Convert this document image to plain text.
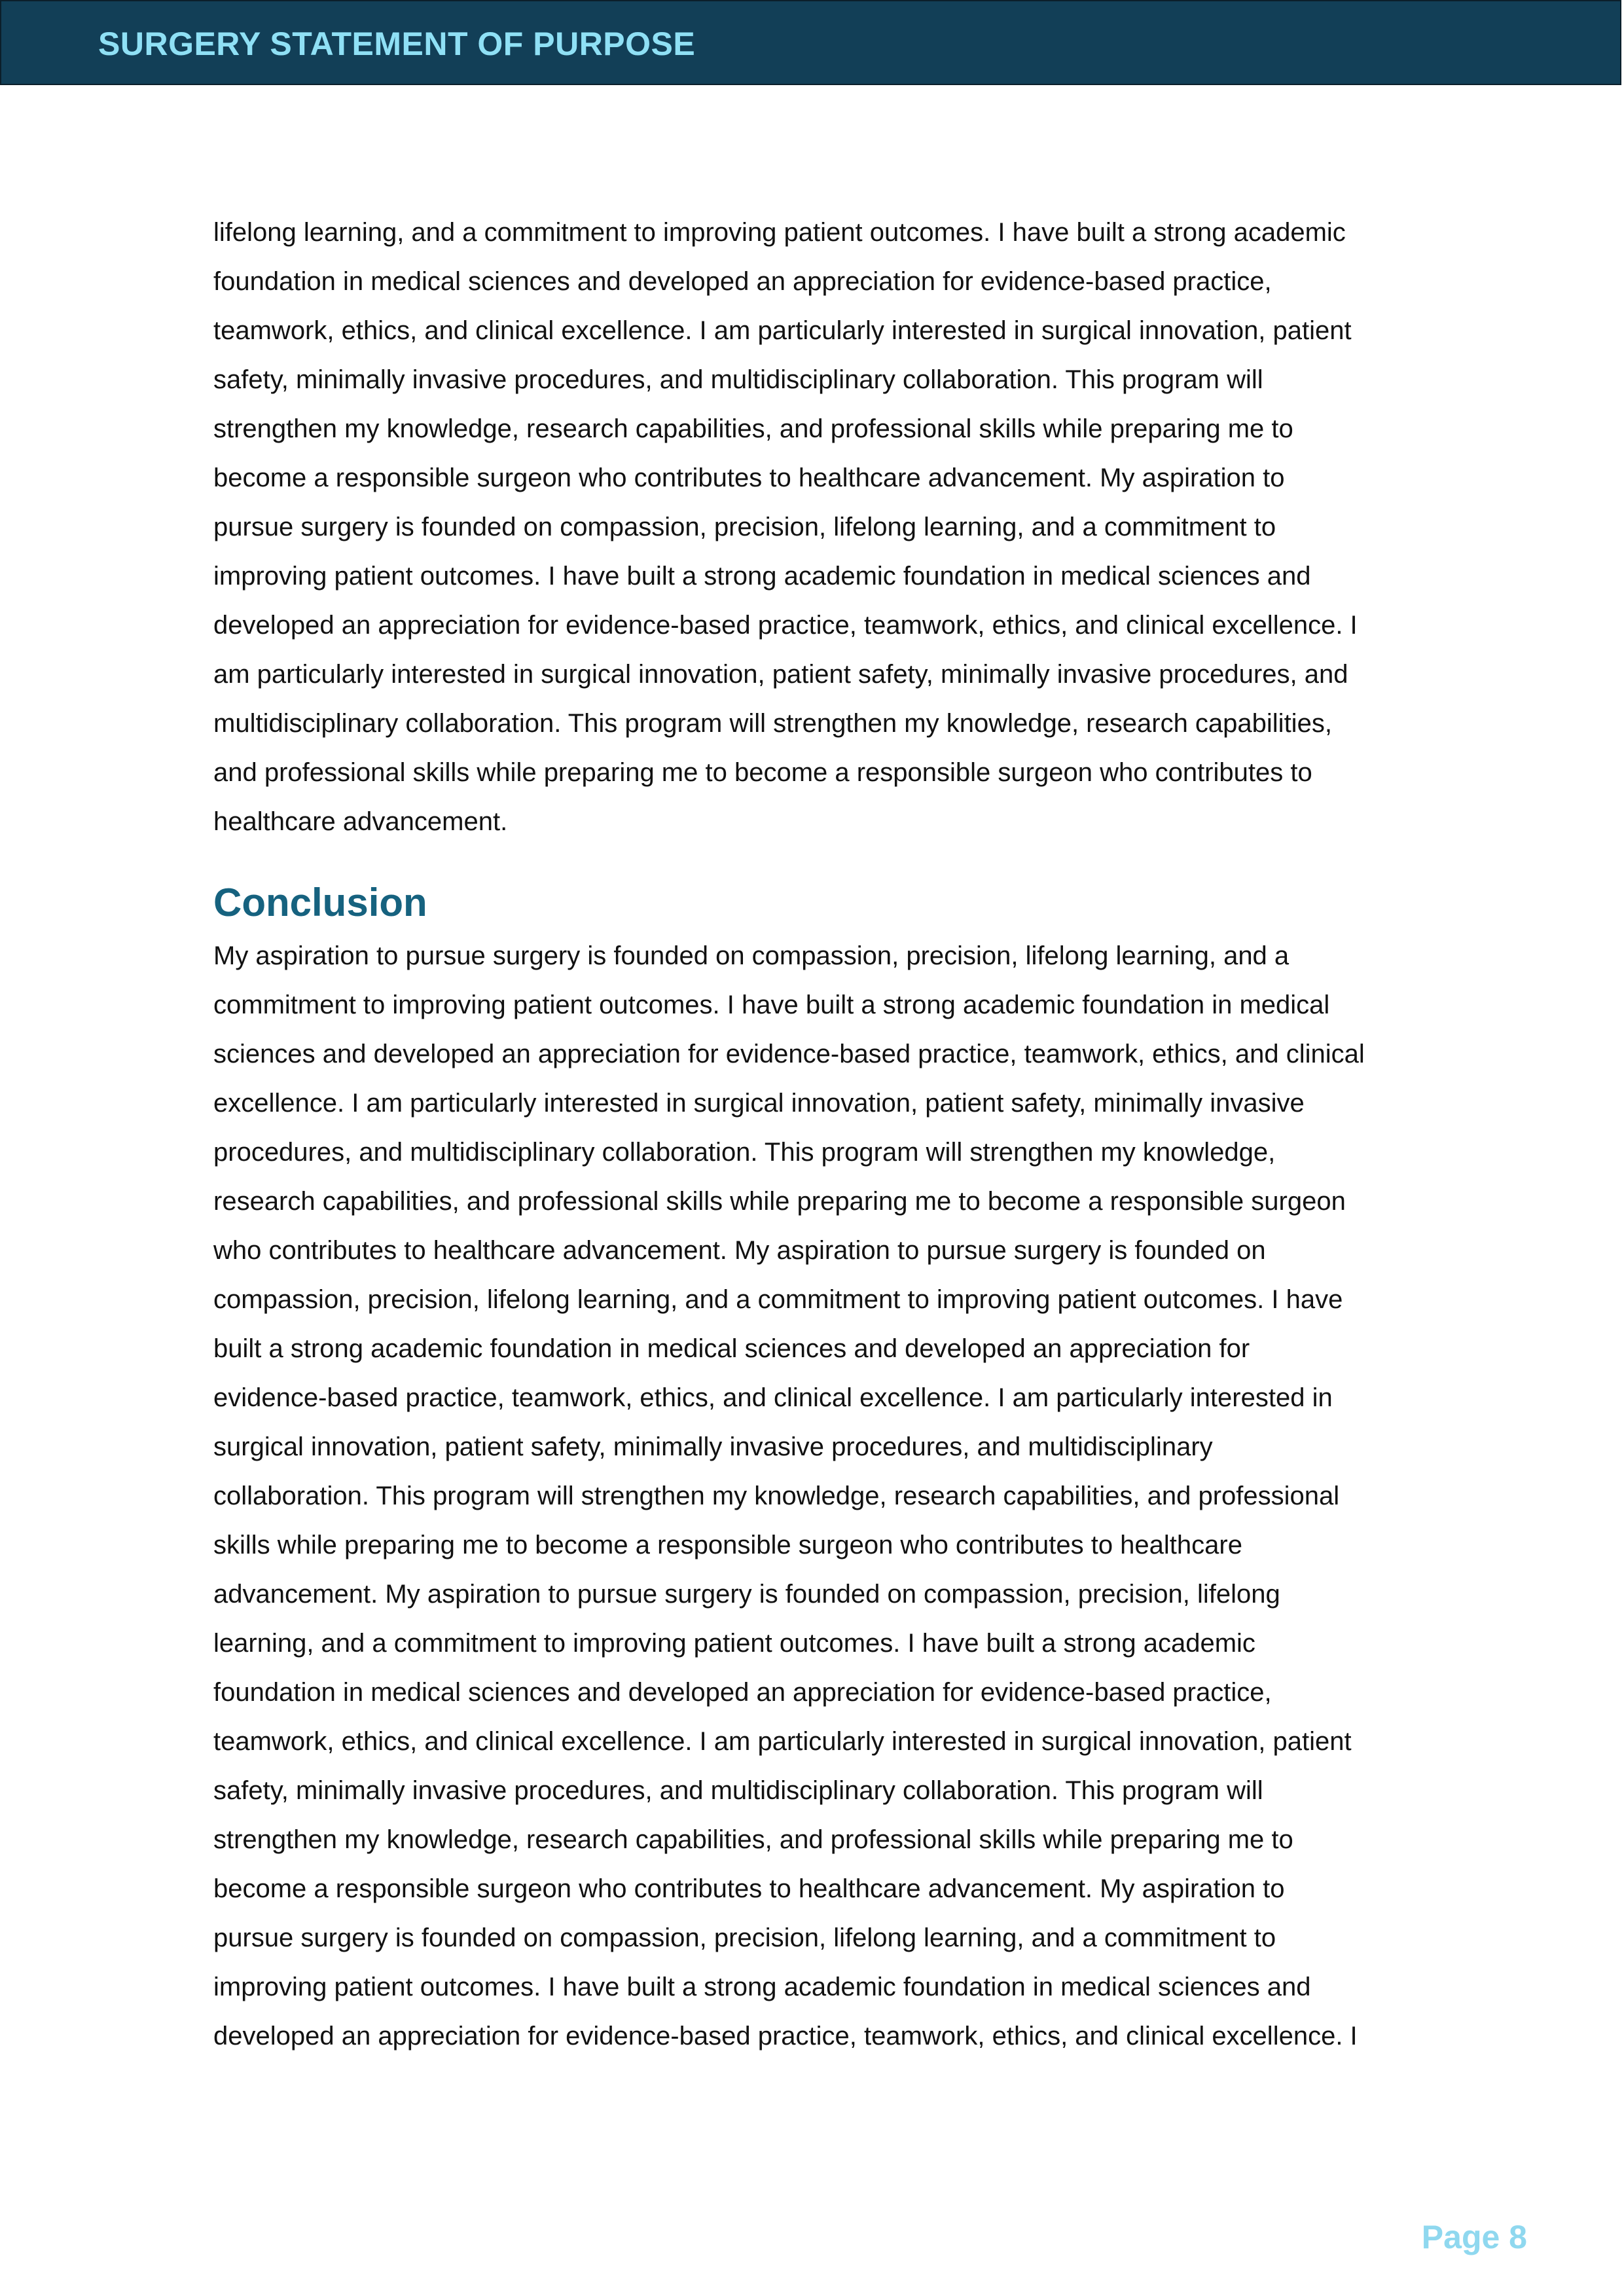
SURGERY STATEMENT OF PURPOSE
lifelong learning, and a commitment to improving patient outcomes. I have built a strong academic
foundation in medical sciences and developed an appreciation for evidence-based practice,
teamwork, ethics, and clinical excellence. I am particularly interested in surgical innovation, patient
safety, minimally invasive procedures, and multidisciplinary collaboration. This program will
strengthen my knowledge, research capabilities, and professional skills while preparing me to
become a responsible surgeon who contributes to healthcare advancement. My aspiration to
pursue surgery is founded on compassion, precision, lifelong learning, and a commitment to
improving patient outcomes. I have built a strong academic foundation in medical sciences and
developed an appreciation for evidence-based practice, teamwork, ethics, and clinical excellence. I
am particularly interested in surgical innovation, patient safety, minimally invasive procedures, and
multidisciplinary collaboration. This program will strengthen my knowledge, research capabilities,
and professional skills while preparing me to become a responsible surgeon who contributes to
healthcare advancement.
Conclusion
My aspiration to pursue surgery is founded on compassion, precision, lifelong learning, and a
commitment to improving patient outcomes. I have built a strong academic foundation in medical
sciences and developed an appreciation for evidence-based practice, teamwork, ethics, and clinical
excellence. I am particularly interested in surgical innovation, patient safety, minimally invasive
procedures, and multidisciplinary collaboration. This program will strengthen my knowledge,
research capabilities, and professional skills while preparing me to become a responsible surgeon
who contributes to healthcare advancement. My aspiration to pursue surgery is founded on
compassion, precision, lifelong learning, and a commitment to improving patient outcomes. I have
built a strong academic foundation in medical sciences and developed an appreciation for
evidence-based practice, teamwork, ethics, and clinical excellence. I am particularly interested in
surgical innovation, patient safety, minimally invasive procedures, and multidisciplinary
collaboration. This program will strengthen my knowledge, research capabilities, and professional
skills while preparing me to become a responsible surgeon who contributes to healthcare
advancement. My aspiration to pursue surgery is founded on compassion, precision, lifelong
learning, and a commitment to improving patient outcomes. I have built a strong academic
foundation in medical sciences and developed an appreciation for evidence-based practice,
teamwork, ethics, and clinical excellence. I am particularly interested in surgical innovation, patient
safety, minimally invasive procedures, and multidisciplinary collaboration. This program will
strengthen my knowledge, research capabilities, and professional skills while preparing me to
become a responsible surgeon who contributes to healthcare advancement. My aspiration to
pursue surgery is founded on compassion, precision, lifelong learning, and a commitment to
improving patient outcomes. I have built a strong academic foundation in medical sciences and
developed an appreciation for evidence-based practice, teamwork, ethics, and clinical excellence. I
Page 8
